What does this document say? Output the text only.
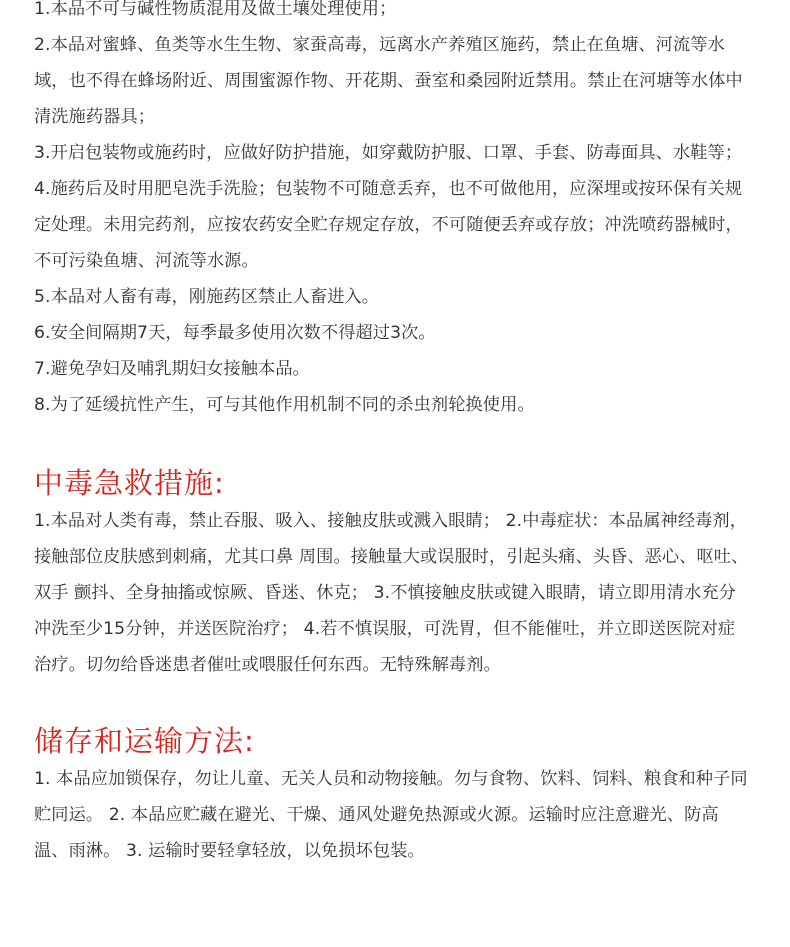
1.本品不可与碱性物质混用及做土壤处理使用；

2.本品对蜜蜂、鱼类等水生生物、家蚕高毒，远离水产养殖区施药，禁止在鱼塘、河流等水域，也不得在蜂场附近、周围蜜源作物、开花期、蚕室和桑园附近禁用。禁止在河塘等水体中清洗施药器具；

3.开启包装物或施药时，应做好防护措施，如穿戴防护服、口罩、手套、防毒面具、水鞋等；

4.施药后及时用肥皂洗手洗脸；包装物不可随意丢弃，也不可做他用，应深埋或按环保有关规定处理。未用完药剂，应按农药安全贮存规定存放，不可随便丢弃或存放；冲洗喷药器械时，不可污染鱼塘、河流等水源。

5.本品对人畜有毒，刚施药区禁止人畜进入。

6.安全间隔期7天，每季最多使用次数不得超过3次。

7.避免孕妇及哺乳期妇女接触本品。

8.为了延缓抗性产生，可与其他作用机制不同的杀虫剂轮换使用。

中毒急救措施:

1.本品对人类有毒，禁止吞服、吸入、接触皮肤或溅入眼睛； 2.中毒症状：本品属神经毒剂，接触部位皮肤感到刺痛，尤其口鼻 周围。接触量大或误服时，引起头痛、头昏、恶心、呕吐、双手 颤抖、全身抽搐或惊厥、昏迷、休克； 3.不慎接触皮肤或键入眼睛，请立即用清水充分冲洗至少15分钟，并送医院治疗； 4.若不慎误服，可洗胃，但不能催吐，并立即送医院对症治疗。切勿给昏迷患者催吐或喂服任何东西。无特殊解毒剂。

储存和运输方法:

1. 本品应加锁保存，勿让儿童、无关人员和动物接触。勿与食物、饮料、饲料、粮食和种子同贮同运。 2. 本品应贮藏在避光、干燥、通风处避免热源或火源。运输时应注意避光、防高温、雨淋。 3. 运输时要轻拿轻放，以免损坏包装。
